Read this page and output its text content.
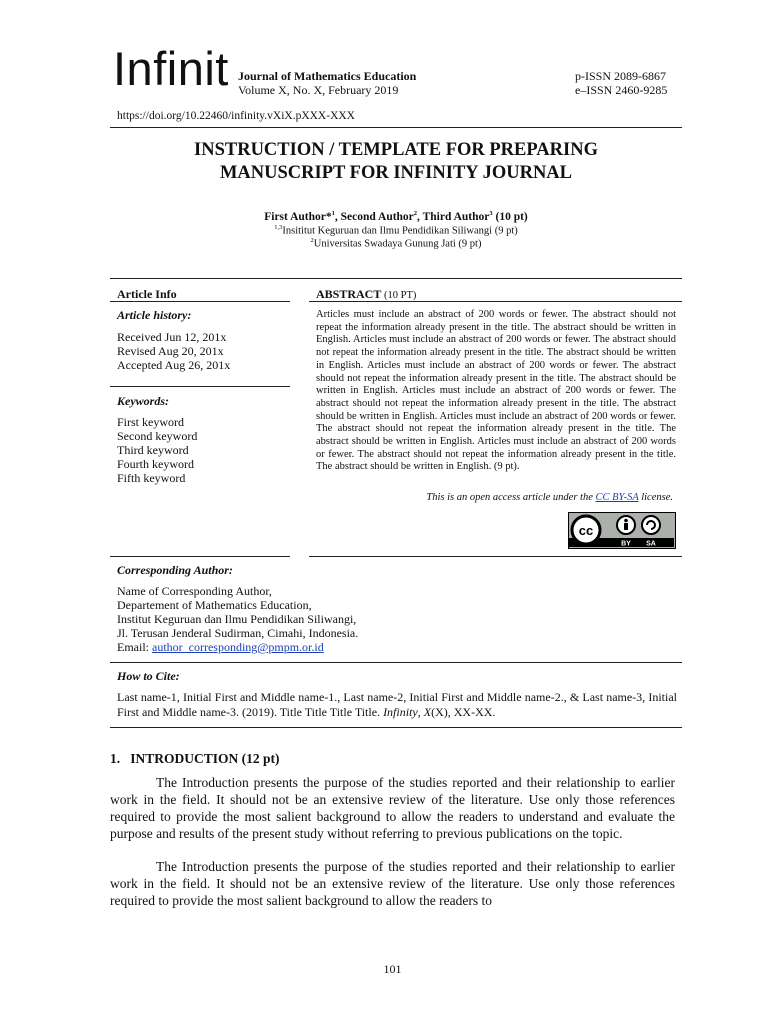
Infinit Journal of Mathematics Education
Volume X, No. X, February 2019
p-ISSN 2089-6867
e–ISSN 2460-9285
https://doi.org/10.22460/infinity.vXiX.pXXX-XXX
INSTRUCTION / TEMPLATE FOR PREPARING
MANUSCRIPT FOR INFINITY JOURNAL
First Author*$^1$, Second Author$^2$, Third Author$^3$ (10 pt)
$^{1,3}$Insititut Keguruan dan Ilmu Pendidikan Siliwangi (9 pt)
$^2$Universitas Swadaya Gunung Jati (9 pt)
Article Info
Article history:
Received Jun 12, 201x
Revised Aug 20, 201x
Accepted Aug 26, 201x
Keywords:
First keyword
Second keyword
Third keyword
Fourth keyword
Fifth keyword
ABSTRACT (10 PT)
Articles must include an abstract of 200 words or fewer. The abstract should not repeat the information already present in the title. The abstract should be written in English. Articles must include an abstract of 200 words or fewer. The abstract should not repeat the information already present in the title. The abstract should be written in English. Articles must include an abstract of 200 words or fewer. The abstract should not repeat the information already present in the title. The abstract should be written in English. Articles must include an abstract of 200 words or fewer. The abstract should not repeat the information already present in the title. The abstract should be written in English. Articles must include an abstract of 200 words or fewer. The abstract should not repeat the information already present in the title. The abstract should be written in English. Articles must include an abstract of 200 words or fewer. The abstract should not repeat the information already present in the title. The abstract should be written in English. (9 pt).
This is an open access article under the CC BY-SA license.
cc
BY SA
Corresponding Author:
Name of Corresponding Author,
Departement of Mathematics Education,
Institut Keguruan dan Ilmu Pendidikan Siliwangi,
Jl. Terusan Jenderal Sudirman, Cimahi, Indonesia.
Email: author_corresponding@pmpm.or.id
How to Cite:
Last name-1, Initial First and Middle name-1., Last name-2, Initial First and Middle name-2., & Last name-3, Initial First and Middle name-3. (2019). Title Title Title Title. Infinity, X(X), XX-XX.
1.   INTRODUCTION (12 pt)
The Introduction presents the purpose of the studies reported and their relationship to earlier work in the field. It should not be an extensive review of the literature. Use only those references required to provide the most salient background to allow the readers to understand and evaluate the purpose and results of the present study without referring to previous publications on the topic.
The Introduction presents the purpose of the studies reported and their relationship to earlier work in the field. It should not be an extensive review of the literature. Use only those references required to provide the most salient background to allow the readers to
101
